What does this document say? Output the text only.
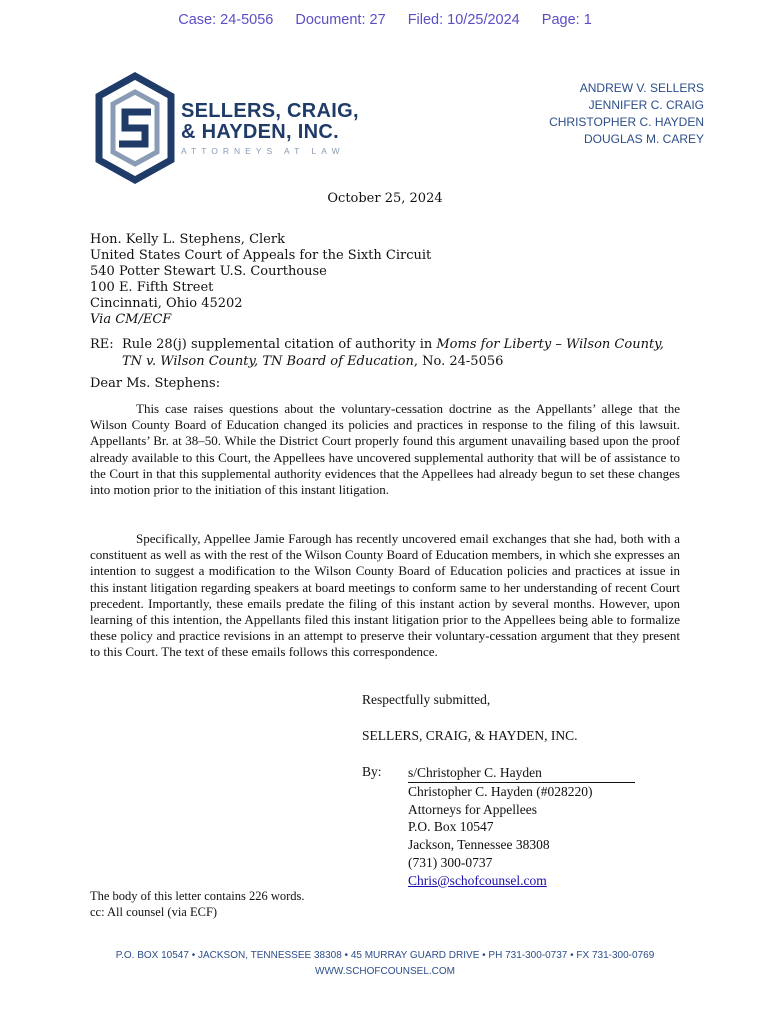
Case: 24-5056 Document: 27 Filed: 10/25/2024 Page: 1
SELLERS, CRAIG,
& HAYDEN, INC.
ATTORNEYS AT LAW
ANDREW V. SELLERS
JENNIFER C. CRAIG
CHRISTOPHER C. HAYDEN
DOUGLAS M. CAREY
October 25, 2024
Hon. Kelly L. Stephens, Clerk
United States Court of Appeals for the Sixth Circuit
540 Potter Stewart U.S. Courthouse
100 E. Fifth Street
Cincinnati, Ohio 45202
Via CM/ECF
RE: Rule 28(j) supplemental citation of authority in Moms for Liberty – Wilson County, TN v. Wilson County, TN Board of Education, No. 24-5056
Dear Ms. Stephens:
This case raises questions about the voluntary-cessation doctrine as the Appellants’ allege that the Wilson County Board of Education changed its policies and practices in response to the filing of this lawsuit. Appellants’ Br. at 38–50. While the District Court properly found this argument unavailing based upon the proof already available to this Court, the Appellees have uncovered supplemental authority that will be of assistance to the Court in that this supplemental authority evidences that the Appellees had already begun to set these changes into motion prior to the initiation of this instant litigation.
Specifically, Appellee Jamie Farough has recently uncovered email exchanges that she had, both with a constituent as well as with the rest of the Wilson County Board of Education members, in which she expresses an intention to suggest a modification to the Wilson County Board of Education policies and practices at issue in this instant litigation regarding speakers at board meetings to conform same to her understanding of recent Court precedent. Importantly, these emails predate the filing of this instant action by several months. However, upon learning of this intention, the Appellants filed this instant litigation prior to the Appellees being able to formalize these policy and practice revisions in an attempt to preserve their voluntary-cessation argument that they present to this Court. The text of these emails follows this correspondence.
Respectfully submitted,
SELLERS, CRAIG, & HAYDEN, INC.
By: s/Christopher C. Hayden
Christopher C. Hayden (#028220)
Attorneys for Appellees
P.O. Box 10547
Jackson, Tennessee 38308
(731) 300-0737
Chris@schofcounsel.com
The body of this letter contains 226 words.
cc: All counsel (via ECF)
P.O. BOX 10547 • JACKSON, TENNESSEE 38308 • 45 MURRAY GUARD DRIVE • PH 731-300-0737 • FX 731-300-0769
WWW.SCHOFCOUNSEL.COM
